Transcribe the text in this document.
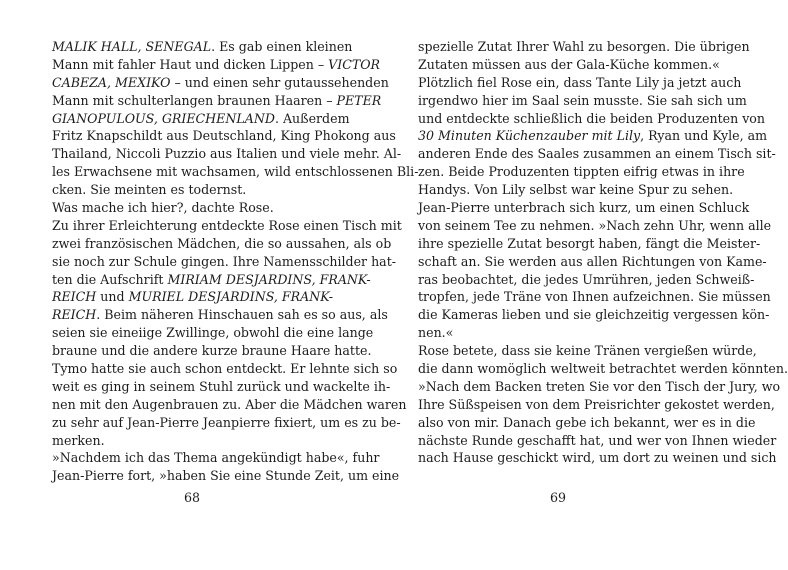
MALIK HALL, SENEGAL. Es gab einen kleinen
Mann mit fahler Haut und dicken Lippen – VICTOR
CABEZA, MEXIKO – und einen sehr gutaussehenden
Mann mit schulterlangen braunen Haaren – PETER
GIANOPULOUS, GRIECHENLAND. Außerdem
Fritz Knapschildt aus Deutschland, King Phokong aus
Thailand, Niccoli Puzzio aus Italien und viele mehr. Al-
les Erwachsene mit wachsamen, wild entschlossenen Bli-
cken. Sie meinten es todernst.
Was mache ich hier?, dachte Rose.
Zu ihrer Erleichterung entdeckte Rose einen Tisch mit
zwei französischen Mädchen, die so aussahen, als ob
sie noch zur Schule gingen. Ihre Namensschilder hat-
ten die Aufschrift MIRIAM DESJARDINS, FRANK-
REICH und MURIEL DESJARDINS, FRANK-
REICH. Beim näheren Hinschauen sah es so aus, als
seien sie eineiige Zwillinge, obwohl die eine lange
braune und die andere kurze braune Haare hatte.
Tymo hatte sie auch schon entdeckt. Er lehnte sich so
weit es ging in seinem Stuhl zurück und wackelte ih-
nen mit den Augenbrauen zu. Aber die Mädchen waren
zu sehr auf Jean-Pierre Jeanpierre fixiert, um es zu be-
merken.
»Nachdem ich das Thema angekündigt habe«, fuhr
Jean-Pierre fort, »haben Sie eine Stunde Zeit, um eine
spezielle Zutat Ihrer Wahl zu besorgen. Die übrigen
Zutaten müssen aus der Gala-Küche kommen.«
Plötzlich fiel Rose ein, dass Tante Lily ja jetzt auch
irgendwo hier im Saal sein musste. Sie sah sich um
und entdeckte schließlich die beiden Produzenten von
30 Minuten Küchenzauber mit Lily, Ryan und Kyle, am
anderen Ende des Saales zusammen an einem Tisch sit-
zen. Beide Produzenten tippten eifrig etwas in ihre
Handys. Von Lily selbst war keine Spur zu sehen.
Jean-Pierre unterbrach sich kurz, um einen Schluck
von seinem Tee zu nehmen. »Nach zehn Uhr, wenn alle
ihre spezielle Zutat besorgt haben, fängt die Meister-
schaft an. Sie werden aus allen Richtungen von Kame-
ras beobachtet, die jedes Umrühren, jeden Schweiß-
tropfen, jede Träne von Ihnen aufzeichnen. Sie müssen
die Kameras lieben und sie gleichzeitig vergessen kön-
nen.«
Rose betete, dass sie keine Tränen vergießen würde,
die dann womöglich weltweit betrachtet werden könnten.
»Nach dem Backen treten Sie vor den Tisch der Jury, wo
Ihre Süßspeisen von dem Preisrichter gekostet werden,
also von mir. Danach gebe ich bekannt, wer es in die
nächste Runde geschafft hat, und wer von Ihnen wieder
nach Hause geschickt wird, um dort zu weinen und sich
68	69
